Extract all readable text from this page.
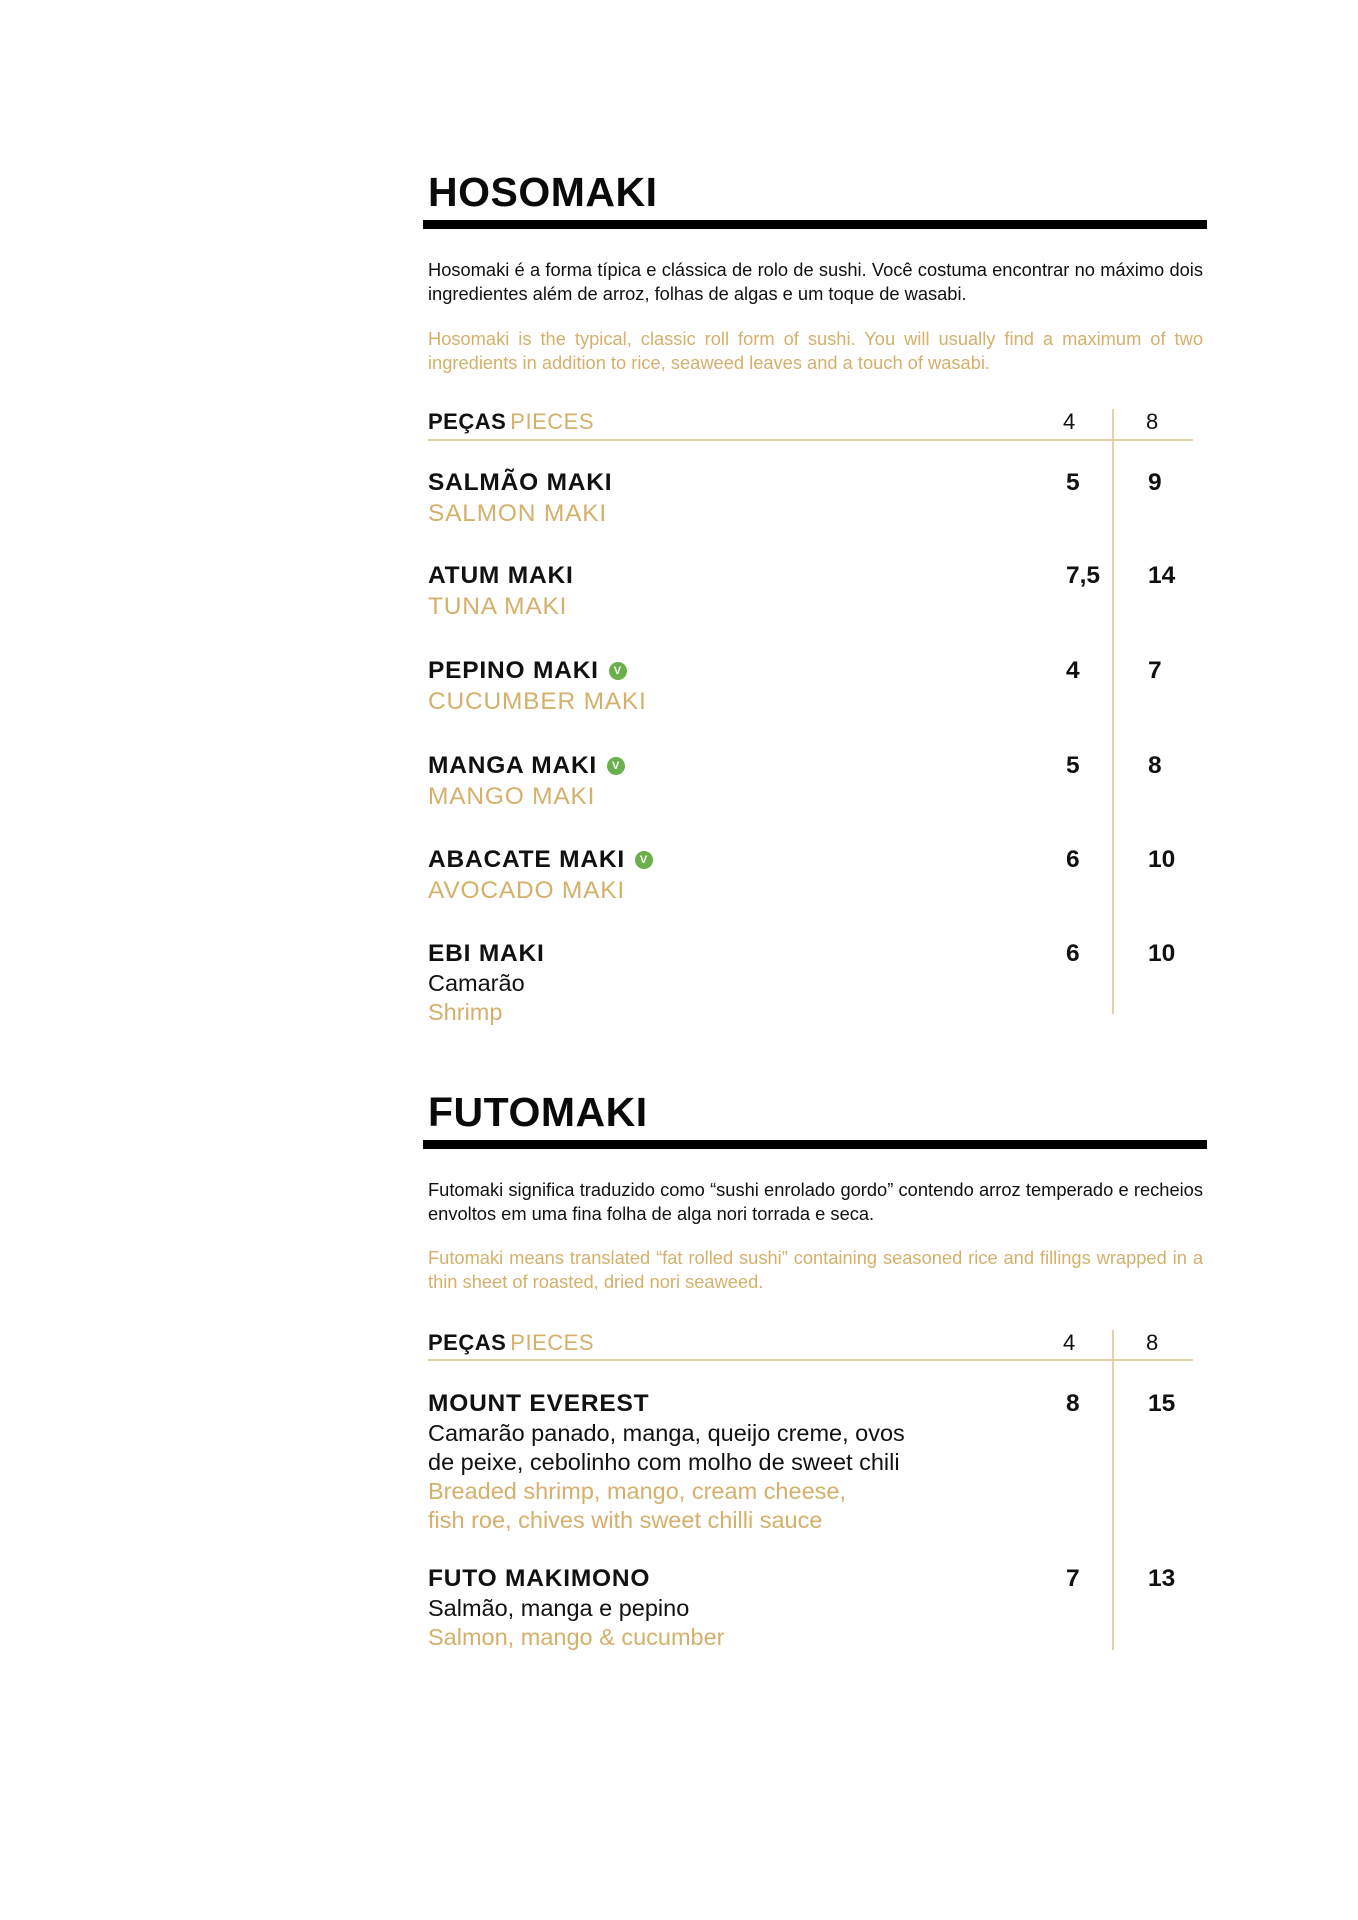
HOSOMAKI

Hosomaki é a forma típica e clássica de rolo de sushi. Você costuma encontrar no máximo dois ingredientes além de arroz, folhas de algas e um toque de wasabi.

Hosomaki is the typical, classic roll form of sushi. You will usually find a maximum of two ingredients in addition to rice, seaweed leaves and a touch of wasabi.

PEÇAS PIECES	4	8
SALMÃO MAKI
SALMON MAKI
5	9
ATUM MAKI
TUNA MAKI
7,5 14
PEPINO MAKI	V
CUCUMBER MAKI
4	7
MANGA MAKI	V
MANGO MAKI
5	8
ABACATE MAKI	V
AVOCADO MAKI
6	10
EBI MAKI
Camarão
Shrimp
6	10
FUTOMAKI

Futomaki significa traduzido como “sushi enrolado gordo” contendo arroz temperado e recheios envoltos em uma fina folha de alga nori torrada e seca.

Futomaki means translated “fat rolled sushi” containing seasoned rice and fillings wrapped in a thin sheet of roasted, dried nori seaweed.

PEÇAS PIECES	4	8
MOUNT EVEREST
Camarão panado, manga, queijo creme, ovos
de peixe, cebolinho com molho de sweet chili
Breaded shrimp, mango, cream cheese,
fish roe, chives with sweet chilli sauce
8	15
FUTO MAKIMONO
Salmão, manga e pepino
Salmon, mango & cucumber
7	13
